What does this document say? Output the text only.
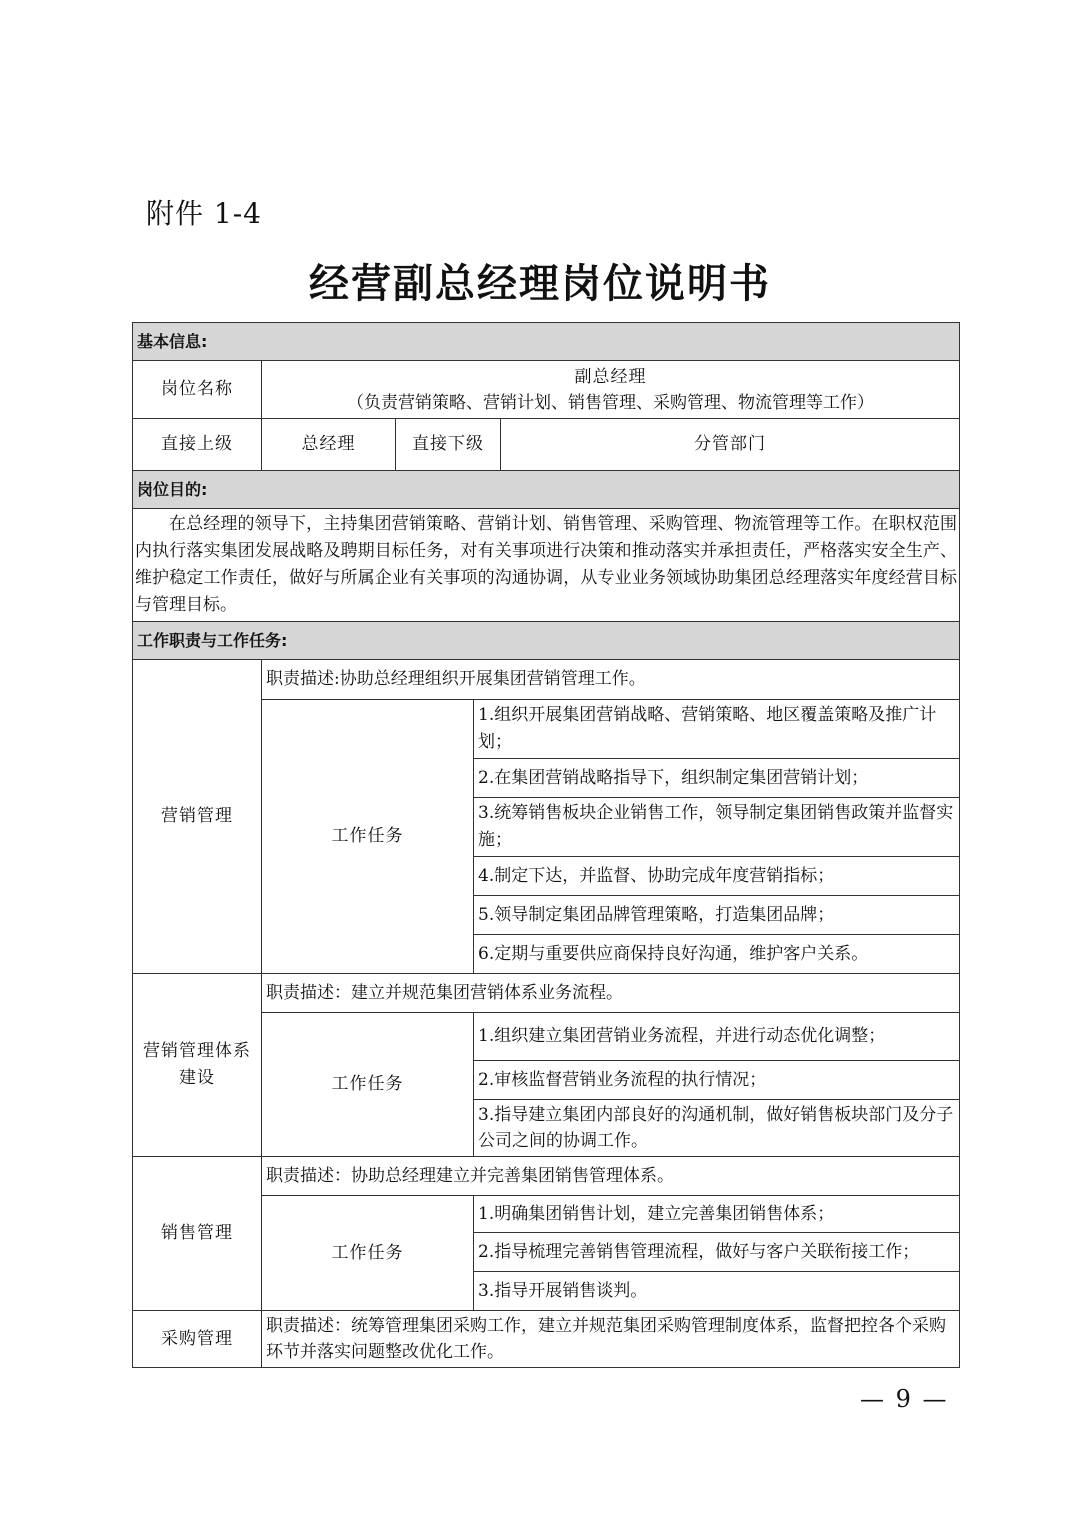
附件 1-4
经营副总经理岗位说明书
基本信息:				
岗位名称	副总经理
（负责营销策略、营销计划、销售管理、采购管理、物流管理等工作）			

直接上级	总经理	直接下级		分管部门
岗位目的:				
在总经理的领导下，主持集团营销策略、营销计划、销售管理、采购管理、物流管理等工作。在职权范围内执行落实集团发展战略及聘期目标任务，对有关事项进行决策和推动落实并承担责任，严格落实安全生产、维护稳定工作责任，做好与所属企业有关事项的沟通协调，从专业业务领域协助集团总经理落实年度经营目标与管理目标。				
工作职责与工作任务:				
营销管理	职责描述:协助总经理组织开展集团营销管理工作。			
	工作任务		1.组织开展集团营销战略、营销策略、地区覆盖策略及推广计划；	
			2.在集团营销战略指导下，组织制定集团营销计划；	
			3.统筹销售板块企业销售工作，领导制定集团销售政策并监督实施；	
			4.制定下达，并监督、协助完成年度营销指标；	
			5.领导制定集团品牌管理策略，打造集团品牌；	
			6.定期与重要供应商保持良好沟通，维护客户关系。	
营销管理体系建设	职责描述：建立并规范集团营销体系业务流程。			
	工作任务		1.组织建立集团营销业务流程，并进行动态优化调整；	
			2.审核监督营销业务流程的执行情况；	
			3.指导建立集团内部良好的沟通机制，做好销售板块部门及分子公司之间的协调工作。	
销售管理	职责描述：协助总经理建立并完善集团销售管理体系。			
	工作任务		1.明确集团销售计划，建立完善集团销售体系；	
			2.指导梳理完善销售管理流程，做好与客户关联衔接工作；	
			3.指导开展销售谈判。	
采购管理	职责描述：统筹管理集团采购工作，建立并规范集团采购管理制度体系，监督把控各个采购环节并落实问题整改优化工作。			
— 9 —
